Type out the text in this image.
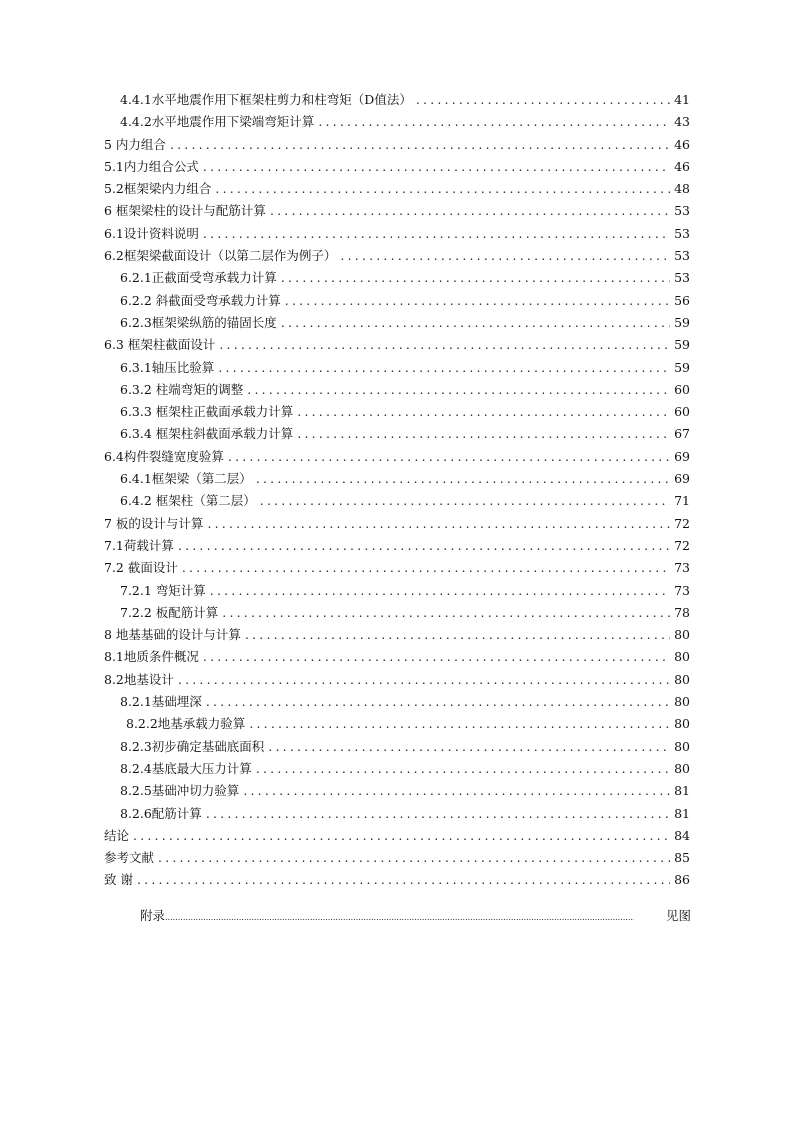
4.4.1水平地震作用下框架柱剪力和柱弯矩（D值法） .....	41
4.4.2水平地震作用下梁端弯矩计算 .....	43
5 内力组合 .....	46
5.1内力组合公式 .....	46
5.2框架梁内力组合 .....	48
6 框架梁柱的设计与配筋计算 .....	53
6.1设计资料说明 .....	53
6.2框架梁截面设计（以第二层作为例子） .....	53
6.2.1正截面受弯承载力计算 .....	53
6.2.2 斜截面受弯承载力计算 .....	56
6.2.3框架梁纵筋的锚固长度 .....	59
6.3 框架柱截面设计 .....	59
6.3.1轴压比验算 .....	59
6.3.2 柱端弯矩的调整 .....	60
6.3.3 框架柱正截面承载力计算 .....	60
6.3.4 框架柱斜截面承载力计算 .....	67
6.4构件裂缝宽度验算 .....	69
6.4.1框架梁（第二层） .....	69
6.4.2 框架柱（第二层） .....	71
7 板的设计与计算 .....	72
7.1荷载计算 .....	72
7.2 截面设计 .....	73
7.2.1 弯矩计算 .....	73
7.2.2 板配筋计算 .....	78
8 地基基础的设计与计算 .....	80
8.1地质条件概况 .....	80
8.2地基设计 .....	80
8.2.1基础埋深 .....	80
8.2.2地基承载力验算 .....	80
8.2.3初步确定基础底面积 .....	80
8.2.4基底最大压力计算 .....	80
8.2.5基础冲切力验算 .....	81
8.2.6配筋计算 .....	81
结论 .....	84
参考文献 .....	85
致 谢 .....	86
附录 .....	见图
